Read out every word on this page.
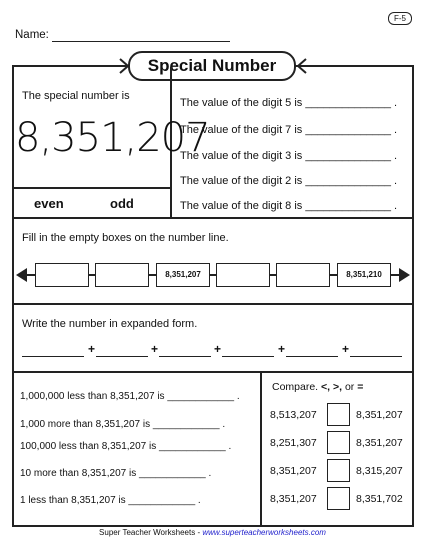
F-5
Name:
Special Number
The special number is
8,351,207
even	odd
The value of the digit 5 is ______________ .
The value of the digit 7 is ______________ .
The value of the digit 3 is ______________ .
The value of the digit 2 is ______________ .
The value of the digit 8 is ______________ .
Fill in the empty boxes on the number line.
8,351,207	8,351,210
Write the number in expanded form.
+	+	+	+	+
1,000,000 less than 8,351,207 is ____________ .
1,000 more than 8,351,207 is ____________ .
100,000 less than 8,351,207 is ____________ .
10 more than 8,351,207 is ____________ .
1 less than 8,351,207 is ____________ .
Compare. <, >, or =
8,513,207	8,351,207
8,251,307	8,351,207
8,351,207	8,315,207
8,351,207	8,351,702
Super Teacher Worksheets - www.superteacherworksheets.com
